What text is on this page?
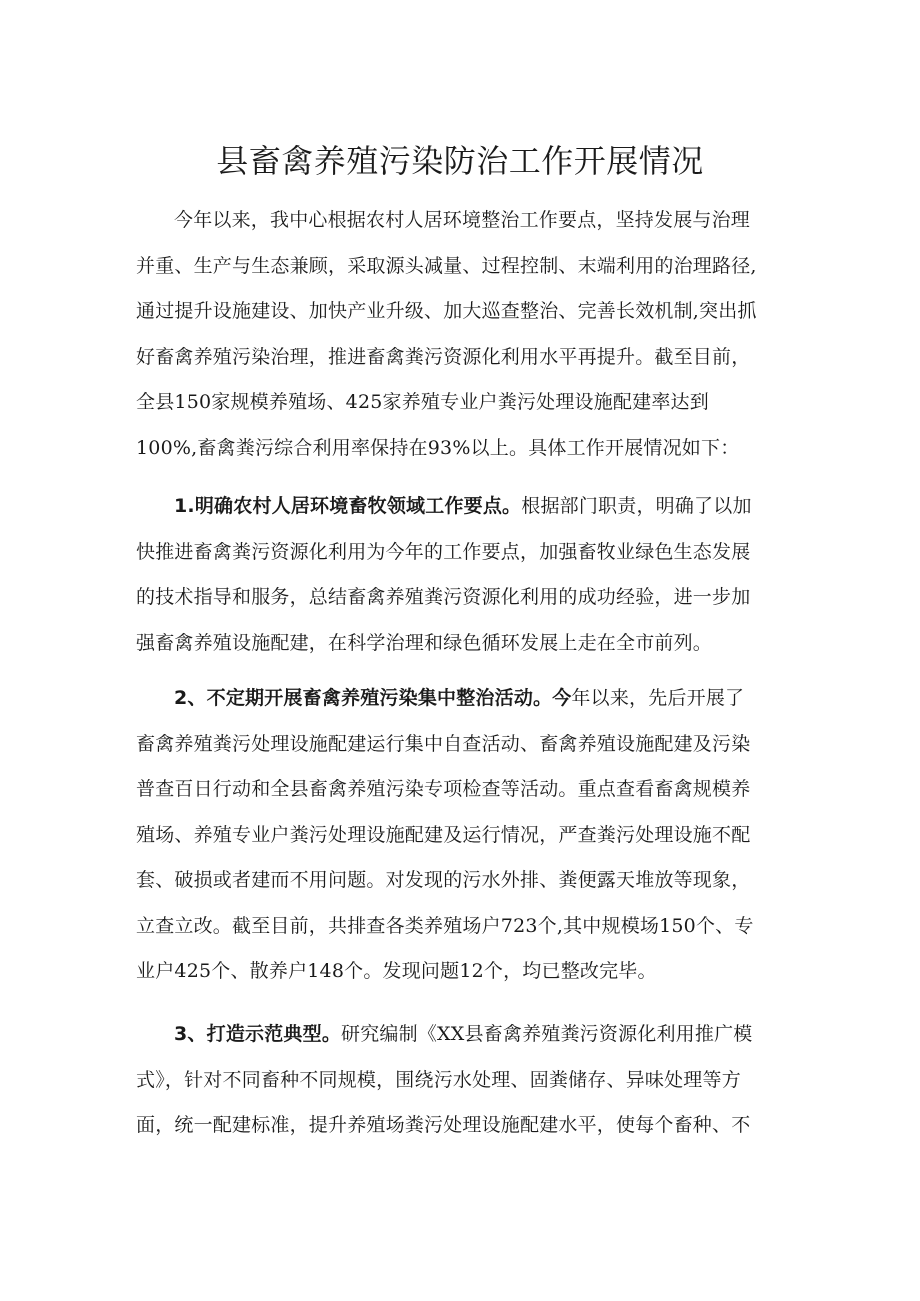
县畜禽养殖污染防治工作开展情况
今年以来，我中心根据农村人居环境整治工作要点，坚持发展与治理
并重、生产与生态兼顾，采取源头减量、过程控制、末端利用的治理路径,
通过提升设施建设、加快产业升级、加大巡查整治、完善长效机制,突出抓
好畜禽养殖污染治理，推进畜禽粪污资源化利用水平再提升。截至目前，
全县150家规模养殖场、425家养殖专业户粪污处理设施配建率达到
100%,畜禽粪污综合利用率保持在93%以上。具体工作开展情况如下：
1.明确农村人居环境畜牧领域工作要点。根据部门职责，明确了以加
快推进畜禽粪污资源化利用为今年的工作要点，加强畜牧业绿色生态发展
的技术指导和服务，总结畜禽养殖粪污资源化利用的成功经验，进一步加
强畜禽养殖设施配建，在科学治理和绿色循环发展上走在全市前列。
2、不定期开展畜禽养殖污染集中整治活动。今年以来，先后开展了
畜禽养殖粪污处理设施配建运行集中自查活动、畜禽养殖设施配建及污染
普查百日行动和全县畜禽养殖污染专项检查等活动。重点查看畜禽规模养
殖场、养殖专业户粪污处理设施配建及运行情况，严查粪污处理设施不配
套、破损或者建而不用问题。对发现的污水外排、粪便露天堆放等现象，
立查立改。截至目前，共排查各类养殖场户723个,其中规模场150个、专
业户425个、散养户148个。发现问题12个，均已整改完毕。
3、打造示范典型。研究编制《XX县畜禽养殖粪污资源化利用推广模
式》，针对不同畜种不同规模，围绕污水处理、固粪储存、异味处理等方
面，统一配建标准，提升养殖场粪污处理设施配建水平，使每个畜种、不
